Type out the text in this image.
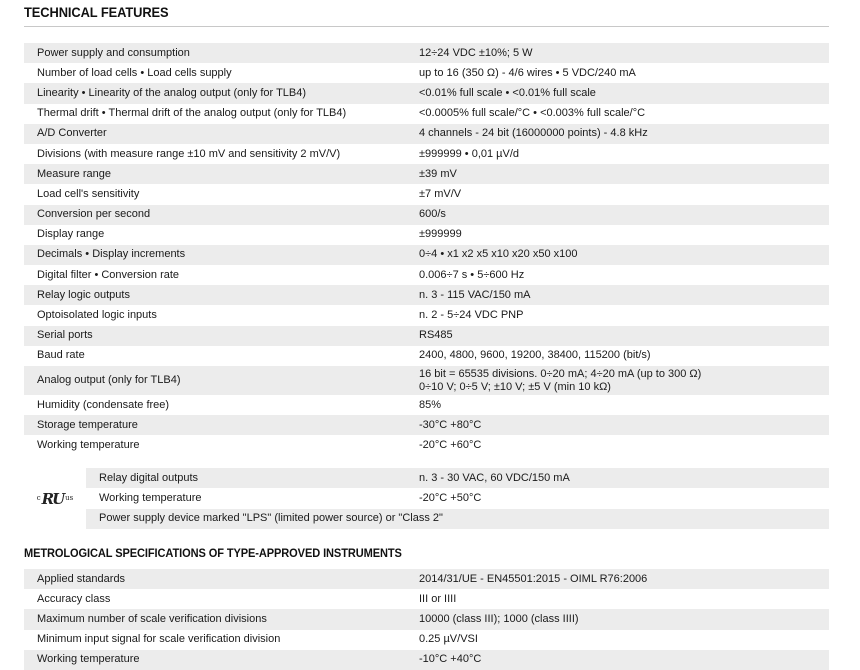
TECHNICAL FEATURES
Power supply and consumption	12÷24 VDC ±10%; 5 W
Number of load cells • Load cells supply	up to 16 (350 Ω) - 4/6 wires • 5 VDC/240 mA
Linearity • Linearity of the analog output (only for TLB4)	<0.01% full scale • <0.01% full scale
Thermal drift • Thermal drift of the analog output (only for TLB4)	<0.0005% full scale/°C • <0.003% full scale/°C
A/D Converter	4 channels - 24 bit (16000000 points) - 4.8 kHz
Divisions (with measure range ±10 mV and sensitivity 2 mV/V)	±999999 • 0,01 µV/d
Measure range	±39 mV
Load cell's sensitivity	±7 mV/V
Conversion per second	600/s
Display range	±999999
Decimals • Display increments	0÷4 • x1 x2 x5 x10 x20 x50 x100
Digital filter • Conversion rate	0.006÷7 s • 5÷600 Hz
Relay logic outputs	n. 3 - 115 VAC/150 mA
Optoisolated logic inputs	n. 2 - 5÷24 VDC PNP
Serial ports	RS485
Baud rate	2400, 4800, 9600, 19200, 38400, 115200 (bit/s)
Analog output (only for TLB4)	16 bit = 65535 divisions. 0÷20 mA; 4÷20 mA (up to 300 Ω)
0÷10 V; 0÷5 V; ±10 V; ±5 V (min 10 kΩ)

Humidity (condensate free)	85%
Storage temperature	-30°C +80°C
Working temperature	-20°C +60°C
c RU us	Relay digital outputs	n. 3 - 30 VAC, 60 VDC/150 mA
	Working temperature	-20°C +50°C
	Power supply device marked "LPS" (limited power source) or "Class 2"	
METROLOGICAL SPECIFICATIONS OF TYPE-APPROVED INSTRUMENTS
Applied standards	2014/31/UE - EN45501:2015 - OIML R76:2006
Accuracy class	III or IIII
Maximum number of scale verification divisions	10000 (class III); 1000 (class IIII)
Minimum input signal for scale verification division	0.25 µV/VSI
Working temperature	-10°C +40°C
